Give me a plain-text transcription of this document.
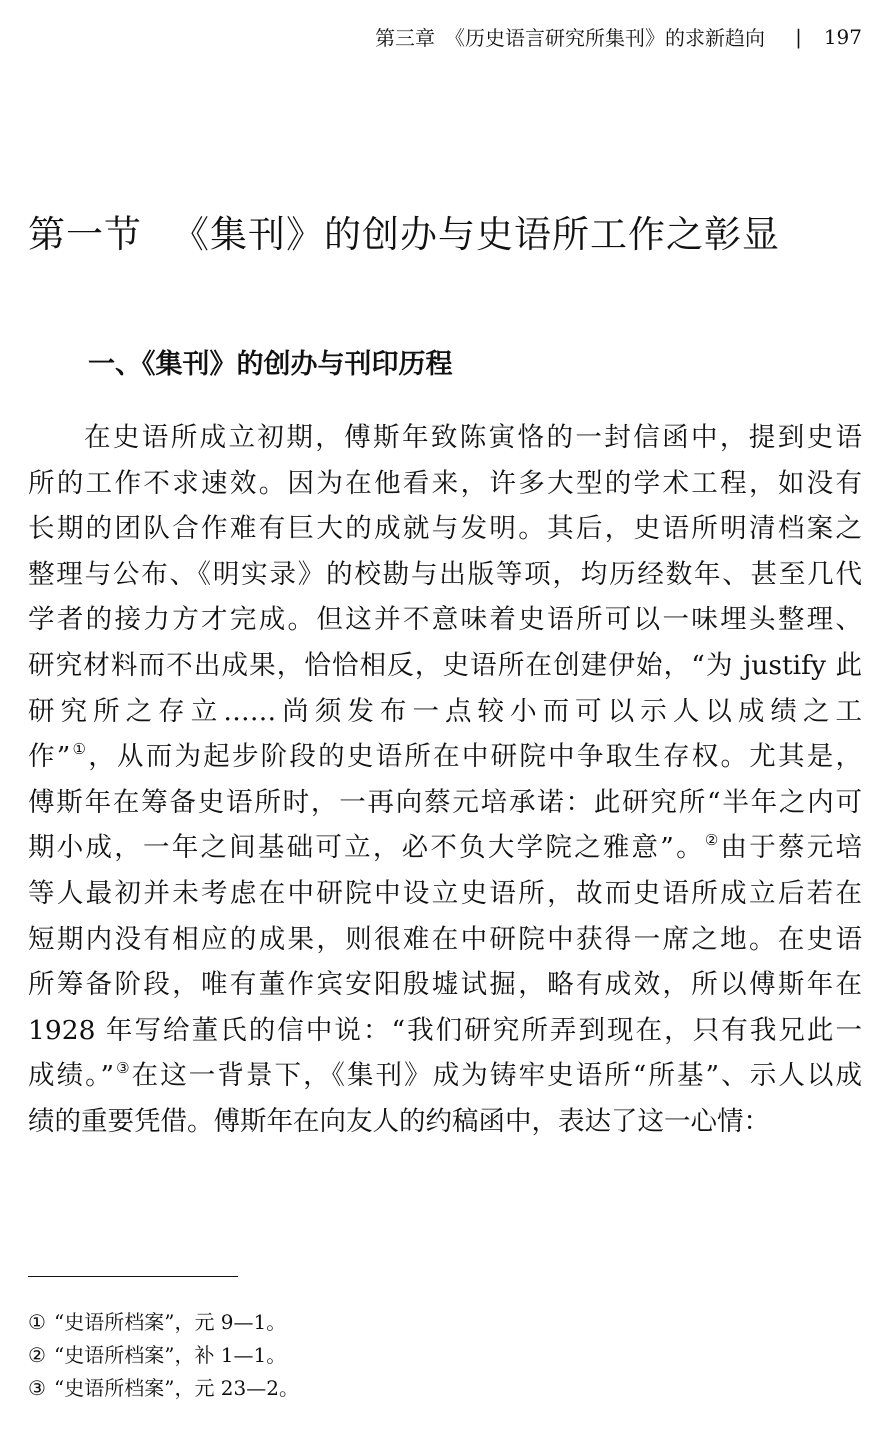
第三章　《历史语言研究所集刊》的求新趋向 | 197
第一节 《集刊》的创办与史语所工作之彰显
一、《集刊》的创办与刊印历程
在史语所成立初期，傅斯年致陈寅恪的一封信函中，提到史语
所的工作不求速效。因为在他看来，许多大型的学术工程，如没有
长期的团队合作难有巨大的成就与发明。其后，史语所明清档案之
整理与公布、《明实录》的校勘与出版等项，均历经数年、甚至几代
学者的接力方才完成。但这并不意味着史语所可以一味埋头整理、
研究材料而不出成果，恰恰相反，史语所在创建伊始，“为 justify 此
研究所之存立……尚须发布一点较小而可以示人以成绩之工
作”①，从而为起步阶段的史语所在中研院中争取生存权。尤其是，
傅斯年在筹备史语所时，一再向蔡元培承诺：此研究所“半年之内可
期小成，一年之间基础可立，必不负大学院之雅意”。②由于蔡元培
等人最初并未考虑在中研院中设立史语所，故而史语所成立后若在
短期内没有相应的成果，则很难在中研院中获得一席之地。在史语
所筹备阶段，唯有董作宾安阳殷墟试掘，略有成效，所以傅斯年在
1928 年写给董氏的信中说：“我们研究所弄到现在，只有我兄此一
成绩。”③在这一背景下，《集刊》成为铸牢史语所“所基”、示人以成
绩的重要凭借。傅斯年在向友人的约稿函中，表达了这一心情：
① “史语所档案”，元 9—1。
② “史语所档案”，补 1—1。
③ “史语所档案”，元 23—2。
